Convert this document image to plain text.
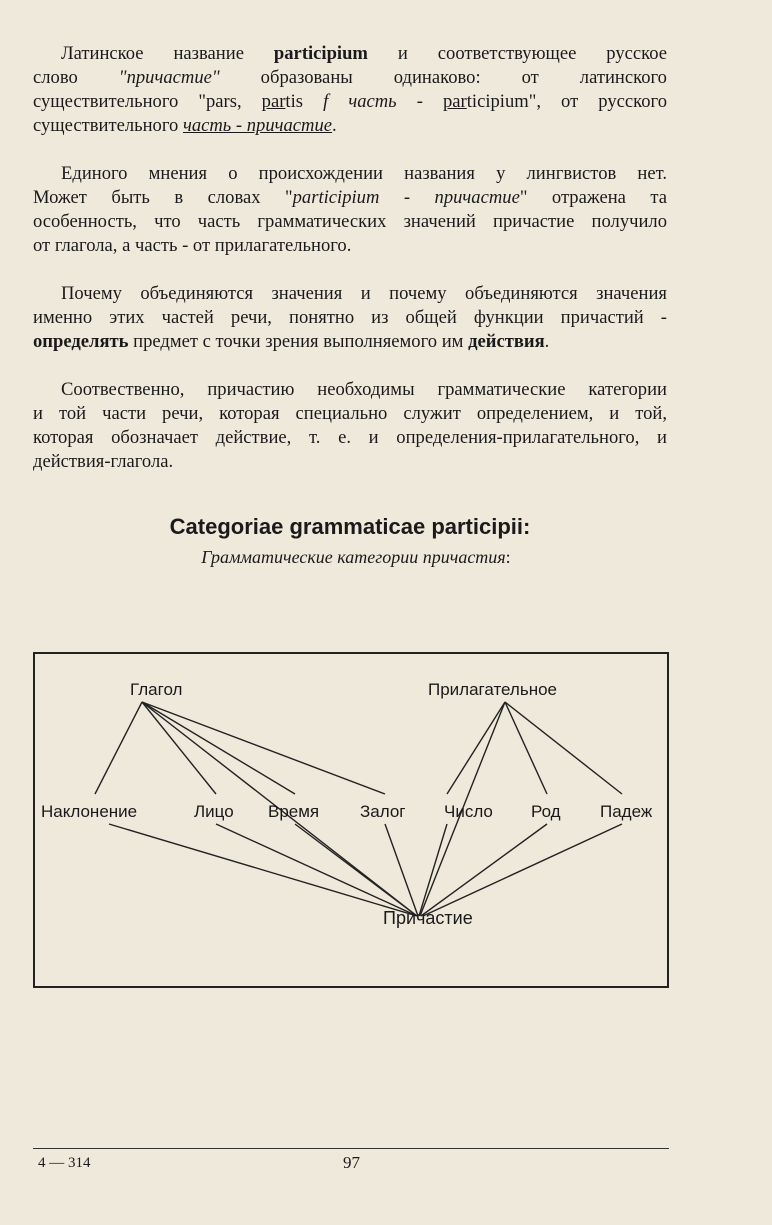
Латинское название participium и соответствующее русское
слово "причастие" образованы одинаково: от латинского
существительного "pars, partis f часть - participium", от русского
существительного часть - причастие.
Единого мнения о происхождении названия у лингвистов нет.
Может быть в словах "participium - причастие" отражена та
особенность, что часть грамматических значений причастие получило
от глагола, а часть - от прилагательного.
Почему объединяются значения и почему объединяются значения
именно этих частей речи, понятно из общей функции причастий -
определять предмет с точки зрения выполняемого им действия.
Соотвественно, причастию необходимы грамматические категории
и той части речи, которая специально служит определением, и той,
которая обозначает действие, т. е. и определения-прилагательного, и
действия-глагола.
Categoriae grammaticae participii:
Грамматические категории причастия:
Глагол	Прилагательное
Наклонение	Лицо Время Залог Число Род Падеж
Причастие
4 — 314	97
